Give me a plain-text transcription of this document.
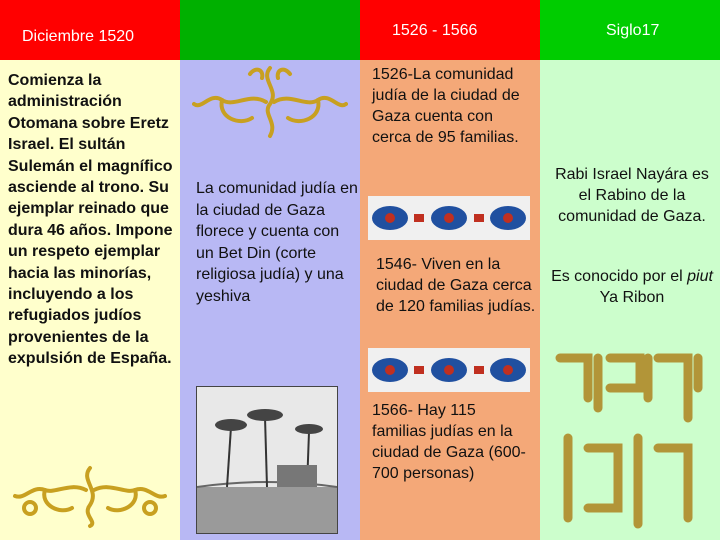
Diciembre 1520	1526 - 1566	Siglo17
Comienza la administración Otomana sobre Eretz Israel. El sultán Sulemán el magnífico asciende al trono. Su ejemplar reinado que dura 46 años. Impone un respeto ejemplar hacia las minorías, incluyendo a los refugiados judíos provenientes de la expulsión de España.
La comunidad judía en la ciudad de Gaza florece y cuenta con un Bet Din (corte religiosa judía) y una yeshiva
1526-La comunidad judía de la ciudad de Gaza cuenta con cerca de 95 familias.
1546- Viven en la ciudad de Gaza cerca de 120 familias judías.
1566- Hay 115 familias judías en la ciudad de Gaza (600-700 personas)
Rabi Israel Nayára es el Rabino de la comunidad de Gaza.
Es conocido por el piut Ya Ribon
